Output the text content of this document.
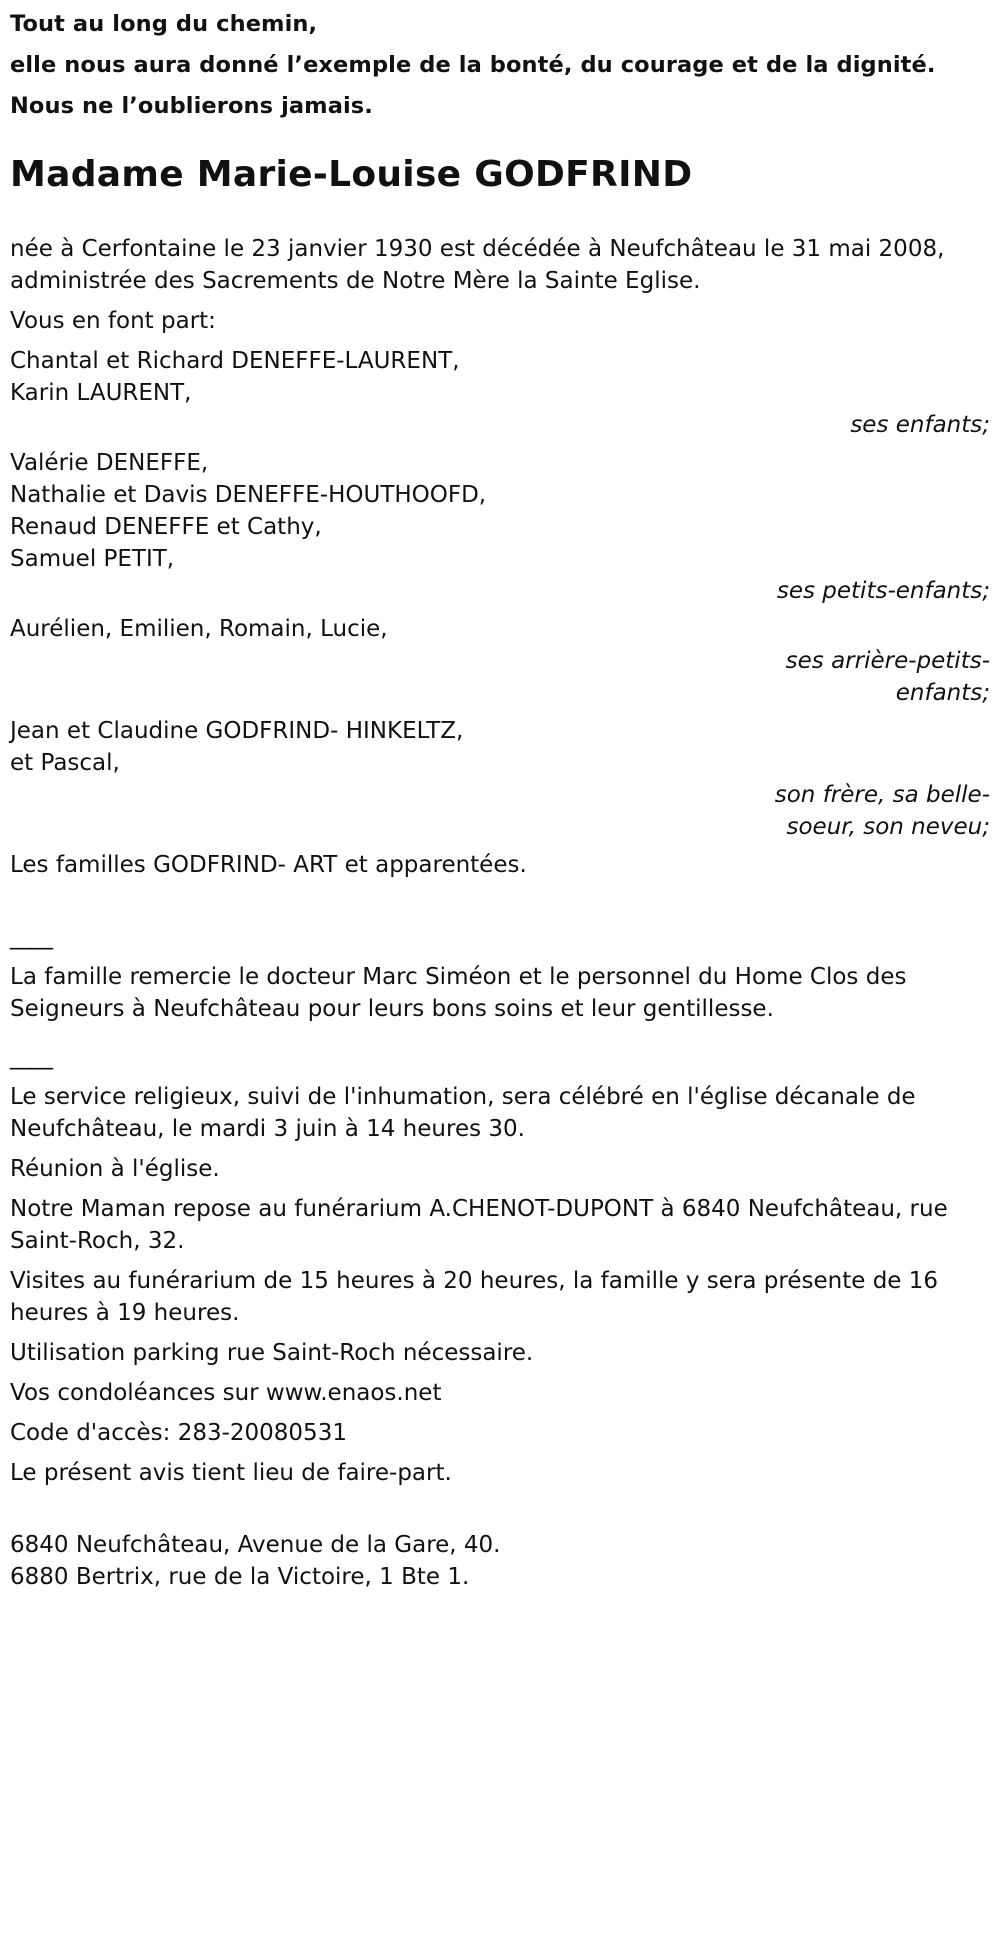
Tout au long du chemin,

elle nous aura donné l’exemple de la bonté, du courage et de la dignité.

Nous ne l’oublierons jamais.

Madame Marie-Louise GODFRIND

née à Cerfontaine le 23 janvier 1930 est décédée à Neufchâteau le 31 mai 2008, administrée des Sacrements de Notre Mère la Sainte Eglise.

Vous en font part:

Chantal et Richard DENEFFE-LAURENT,
Karin LAURENT,
ses enfants;
Valérie DENEFFE,
Nathalie et Davis DENEFFE-HOUTHOOFD,
Renaud DENEFFE et Cathy,
Samuel PETIT,
ses petits-enfants;
Aurélien, Emilien, Romain, Lucie,
ses arrière-petits-enfants;
Jean et Claudine GODFRIND- HINKELTZ,
et Pascal,
son frère, sa belle-soeur, son neveu;

Les familles GODFRIND- ART et apparentées.

____

La famille remercie le docteur Marc Siméon et le personnel du Home Clos des Seigneurs à Neufchâteau pour leurs bons soins et leur gentillesse.

____

Le service religieux, suivi de l'inhumation, sera célébré en l'église décanale de Neufchâteau, le mardi 3 juin à 14 heures 30.

Réunion à l'église.

Notre Maman repose au funérarium A.CHENOT-DUPONT à 6840 Neufchâteau, rue Saint-Roch, 32.

Visites au funérarium de 15 heures à 20 heures, la famille y sera présente de 16 heures à 19 heures.

Utilisation parking rue Saint-Roch nécessaire.

Vos condoléances sur www.enaos.net

Code d'accès: 283-20080531

Le présent avis tient lieu de faire-part.

6840 Neufchâteau, Avenue de la Gare, 40.
6880 Bertrix, rue de la Victoire, 1 Bte 1.
